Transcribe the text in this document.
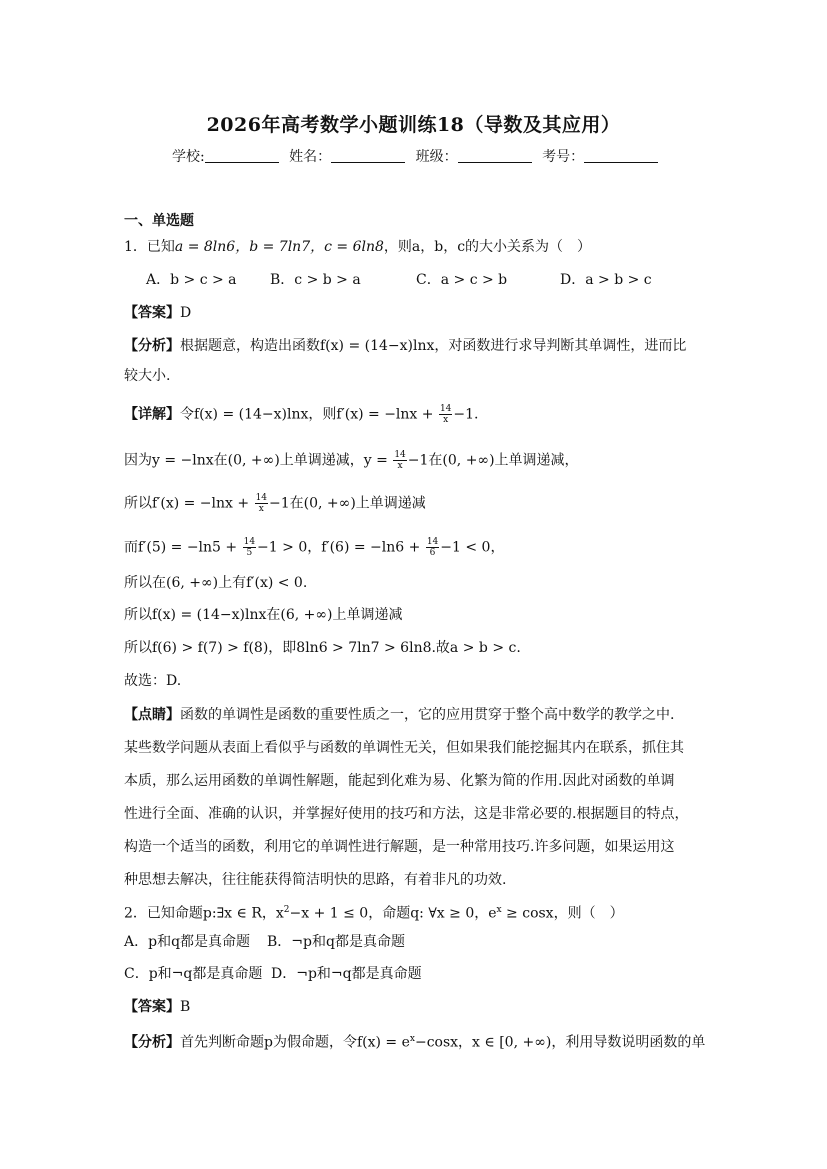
2026年高考数学小题训练18（导数及其应用）
学校:	姓名：	班级：	考号：
一、单选题
1．已知a = 8ln6，b = 7ln7，c = 6ln8，则a，b，c的大小关系为（　）
A．b > c > a B．c > b > a	C．a > c > b	D．a > b > c
【答案】D
【分析】根据题意，构造出函数f(x) = (14−x)lnx，对函数进行求导判断其单调性，进而比
较大小.
【详解】令f(x) = (14−x)lnx，则$f'(x) = -\ln x + \frac{14}{x} -1$.
因为y = −lnx在(0, +∞)上单调递减，$y = \frac{14}{x} -1$在(0, +∞)上单调递减，
所以$f'(x) = -\ln x + \frac{14}{x} -1$在(0, +∞)上单调递减
而$f'(5) = -\ln 5 + \frac{14}{5} -1 > 0$，$f'(6) = -\ln 6 + \frac{14}{6} -1 < 0$，
所以在(6, +∞)上有f′(x) < 0.
所以f(x) = (14−x)lnx在(6, +∞)上单调递减
所以f(6) > f(7) > f(8)，即8ln6 > 7ln7 > 6ln8.故a > b > c.
故选：D.
【点睛】函数的单调性是函数的重要性质之一，它的应用贯穿于整个高中数学的教学之中.
某些数学问题从表面上看似乎与函数的单调性无关，但如果我们能挖掘其内在联系，抓住其
本质，那么运用函数的单调性解题，能起到化难为易、化繁为简的作用.因此对函数的单调
性进行全面、准确的认识，并掌握好使用的技巧和方法，这是非常必要的.根据题目的特点，
构造一个适当的函数，利用它的单调性进行解题，是一种常用技巧.许多问题，如果运用这
种思想去解决，往往能获得简洁明快的思路，有着非凡的功效.
2．已知命题p:∃x ∈ R，$x^2-x + 1 \le 0$，命题q: ∀x ≥ 0，$e^x \ge \cos x$，则（　）
A．p和q都是真命题 B．¬p和q都是真命题
C．p和¬q都是真命题 D．¬p和¬q都是真命题
【答案】B
【分析】首先判断命题p为假命题，令$f(x) = e^x-\cos x$，x ∈ [0, +∞)，利用导数说明函数的单
